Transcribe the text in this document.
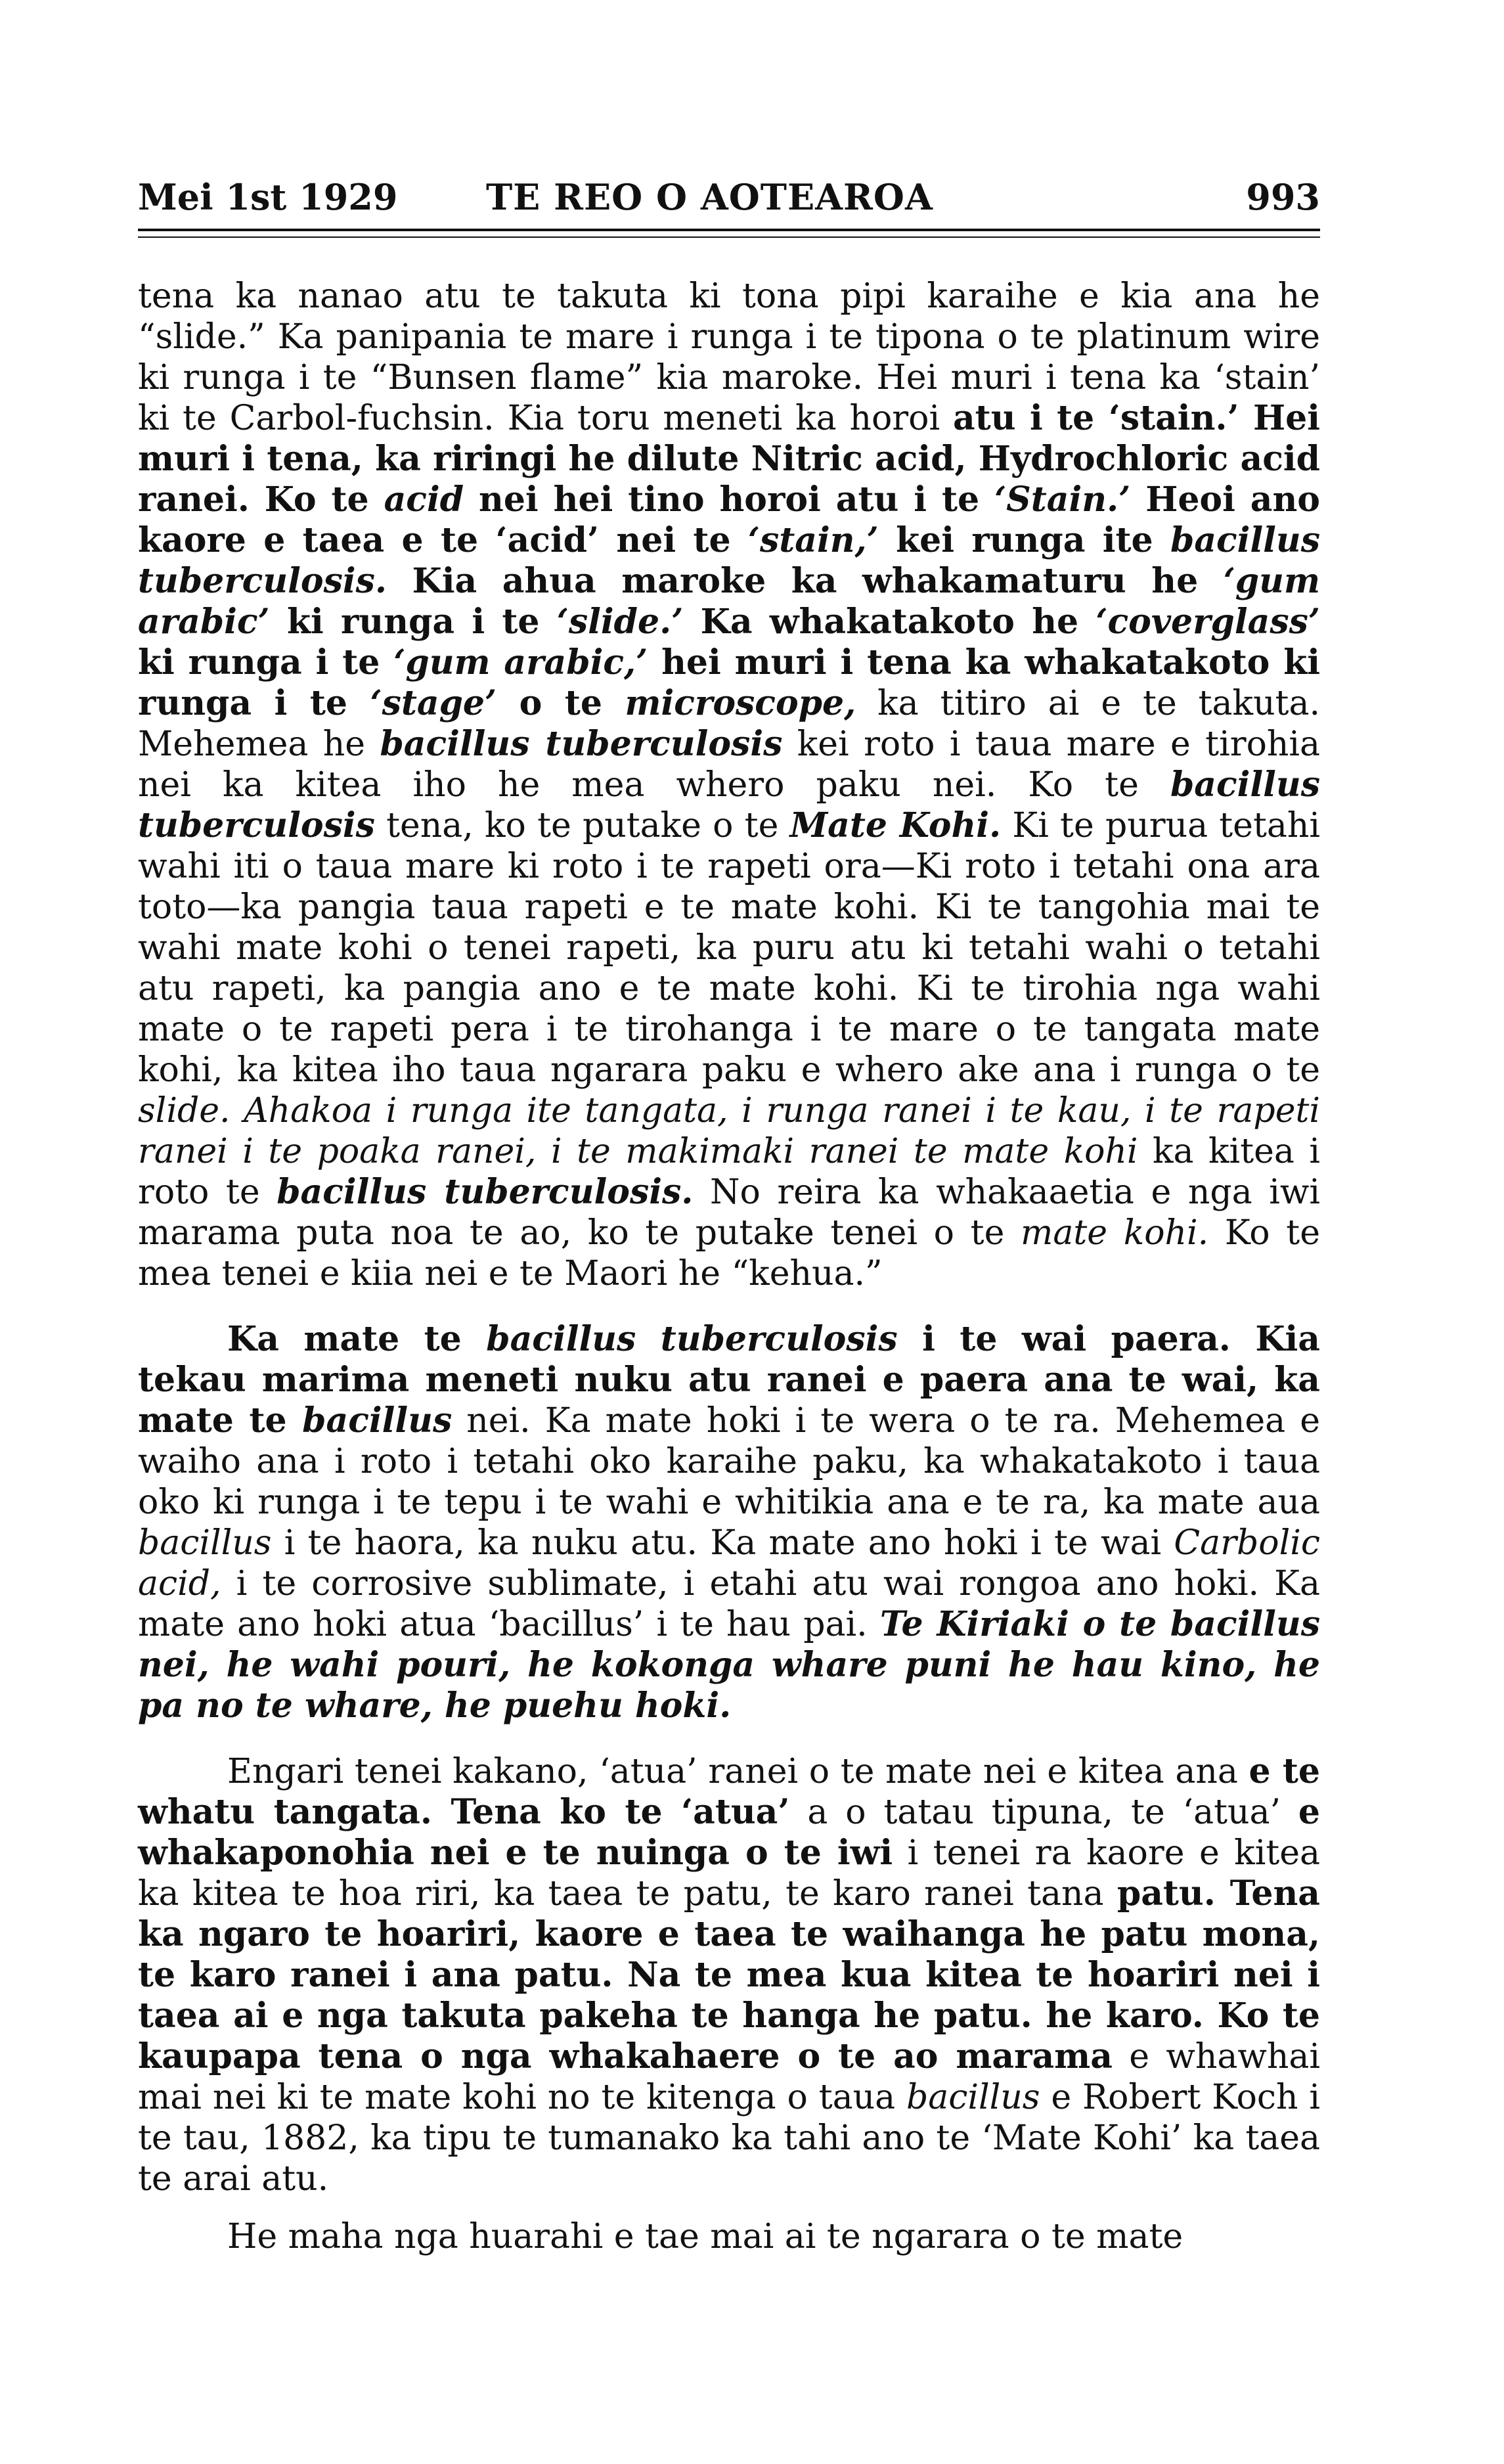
Mei 1st 1929 TE REO O AOTEAROA	993

tena ka nanao atu te takuta ki tona pipi karaihe e kia ana he “slide.” Ka panipania te mare i runga i te tipona o te platinum wire ki runga i te “Bunsen flame” kia maroke. Hei muri i tena ka ‘stain’ ki te Carbol-fuchsin. Kia toru meneti ka horoi atu i te ‘stain.’ Hei muri i tena, ka riringi he dilute Nitric acid, Hydrochloric acid ranei. Ko te acid nei hei tino horoi atu i te ‘Stain.’ Heoi ano kaore e taea e te ‘acid’ nei te ‘stain,’ kei runga ite bacillus tuberculosis. Kia ahua maroke ka whakamaturu he ‘gum arabic’ ki runga i te ‘slide.’ Ka whakatakoto he ‘coverglass’ ki runga i te ‘gum arabic,’ hei muri i tena ka whakatakoto ki runga i te ‘stage’ o te microscope, ka titiro ai e te takuta. Mehemea he bacillus tuberculosis kei roto i taua mare e tirohia nei ka kitea iho he mea whero paku nei. Ko te bacillus tuberculosis tena, ko te putake o te Mate Kohi. Ki te purua tetahi wahi iti o taua mare ki roto i te rapeti ora—Ki roto i tetahi ona ara toto—ka pangia taua rapeti e te mate kohi. Ki te tangohia mai te wahi mate kohi o tenei rapeti, ka puru atu ki tetahi wahi o tetahi atu rapeti, ka pangia ano e te mate kohi. Ki te tirohia nga wahi mate o te rapeti pera i te tirohanga i te mare o te tangata mate kohi, ka kitea iho taua ngarara paku e whero ake ana i runga o te slide. Ahakoa i runga ite tangata, i runga ranei i te kau, i te rapeti ranei i te poaka ranei, i te makimaki ranei te mate kohi ka kitea i roto te bacillus tuberculosis. No reira ka whakaaetia e nga iwi marama puta noa te ao, ko te putake tenei o te mate kohi. Ko te mea tenei e kiia nei e te Maori he “kehua.”

Ka mate te bacillus tuberculosis i te wai paera. Kia tekau marima meneti nuku atu ranei e paera ana te wai, ka mate te bacillus nei. Ka mate hoki i te wera o te ra. Mehemea e waiho ana i roto i tetahi oko karaihe paku, ka whakatakoto i taua oko ki runga i te tepu i te wahi e whitikia ana e te ra, ka mate aua bacillus i te haora, ka nuku atu. Ka mate ano hoki i te wai Carbolic acid, i te corrosive sublimate, i etahi atu wai rongoa ano hoki. Ka mate ano hoki atua ‘bacillus’ i te hau pai. Te Kiriaki o te bacillus nei, he wahi pouri, he kokonga whare puni he hau kino, he pa no te whare, he puehu hoki.

Engari tenei kakano, ‘atua’ ranei o te mate nei e kitea ana e te whatu tangata. Tena ko te ‘atua’ a o tatau tipuna, te ‘atua’ e whakaponohia nei e te nuinga o te iwi i tenei ra kaore e kitea ka kitea te hoa riri, ka taea te patu, te karo ranei tana patu. Tena ka ngaro te hoariri, kaore e taea te waihanga he patu mona, te karo ranei i ana patu. Na te mea kua kitea te hoariri nei i taea ai e nga takuta pakeha te hanga he patu. he karo. Ko te kaupapa tena o nga whakahaere o te ao marama e whawhai mai nei ki te mate kohi no te kitenga o taua bacillus e Robert Koch i te tau, 1882, ka tipu te tumanako ka tahi ano te ‘Mate Kohi’ ka taea te arai atu.

He maha nga huarahi e tae mai ai te ngarara o te mate
